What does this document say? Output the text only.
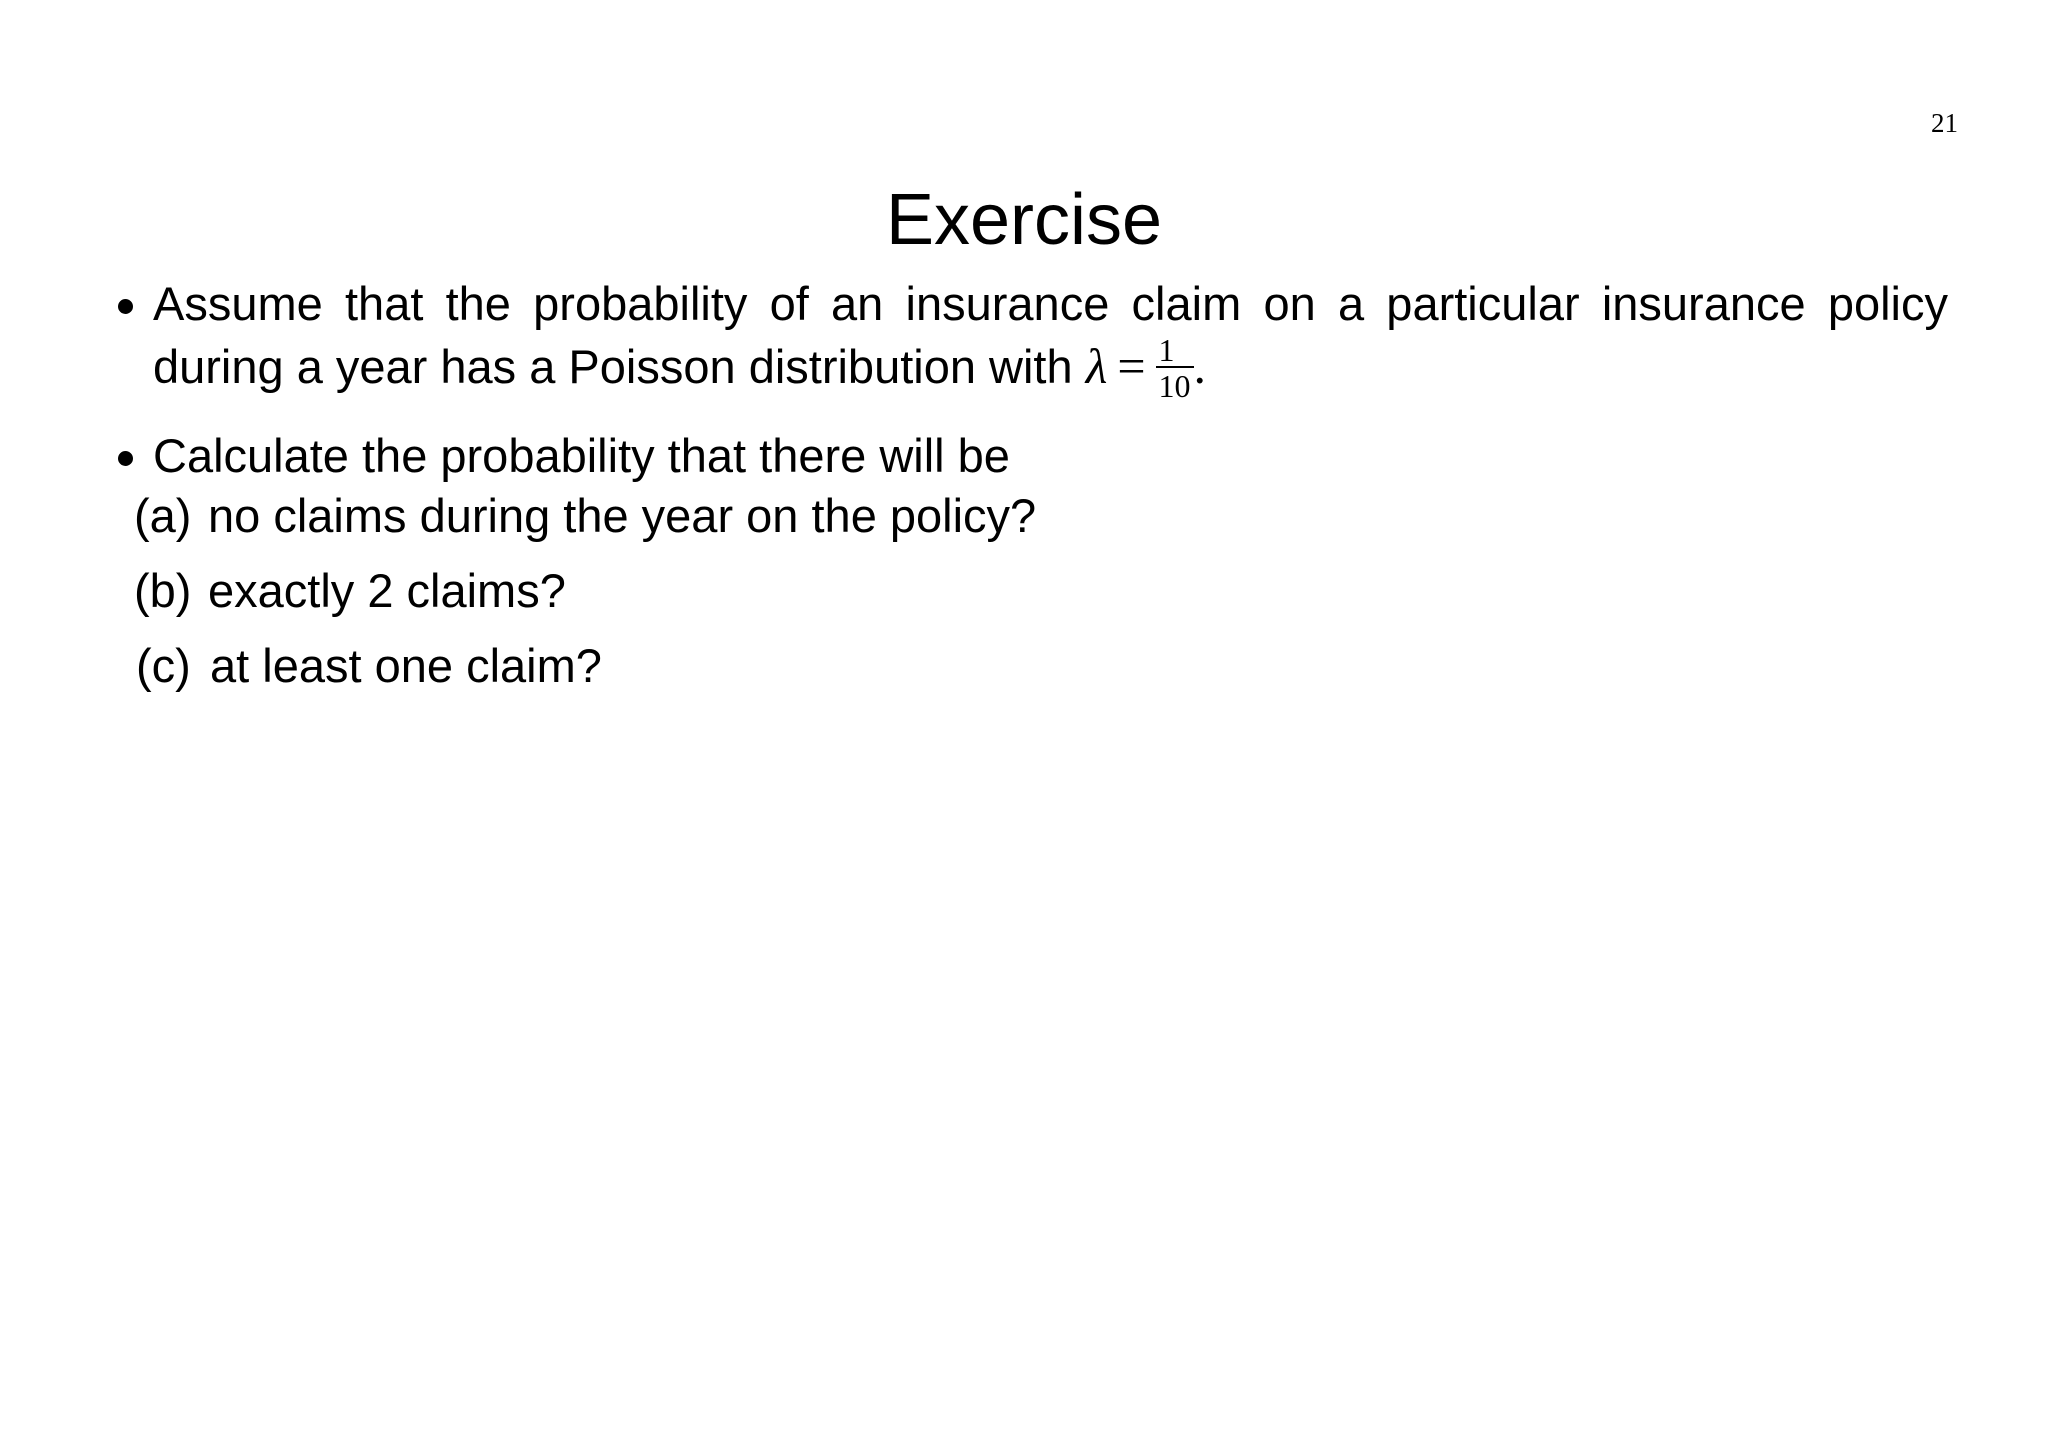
21
Exercise
Assume that the probability of an insurance claim on a particular insurance policy during a year has a Poisson distribution with $\lambda = \frac{1}{10}$ .
Calculate the probability that there will be
(a) no claims during the year on the policy?
(b) exactly 2 claims?
(c) at least one claim?
